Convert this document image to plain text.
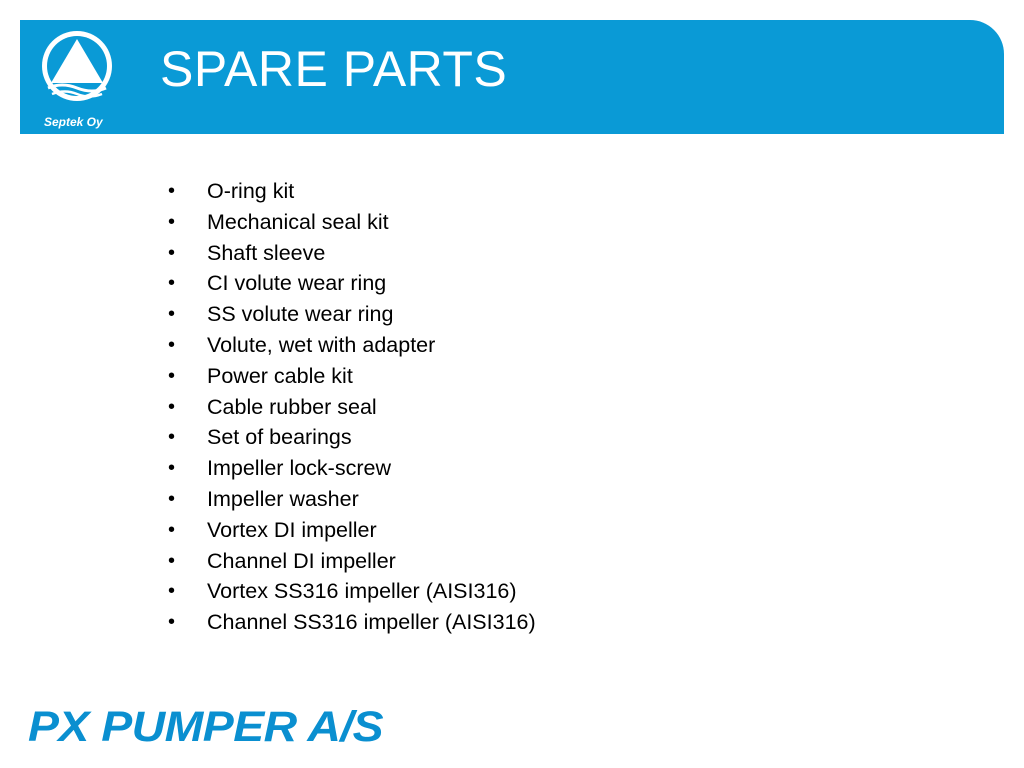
Septek Oy
SPARE PARTS
• O-ring kit
• Mechanical seal kit
• Shaft sleeve
• CI volute wear ring
• SS volute wear ring
• Volute, wet with adapter
• Power cable kit
• Cable rubber seal
• Set of bearings
• Impeller lock-screw
• Impeller washer
• Vortex DI impeller
• Channel DI impeller
• Vortex SS316 impeller (AISI316)
• Channel SS316 impeller (AISI316)
PX PUMPER A/S
